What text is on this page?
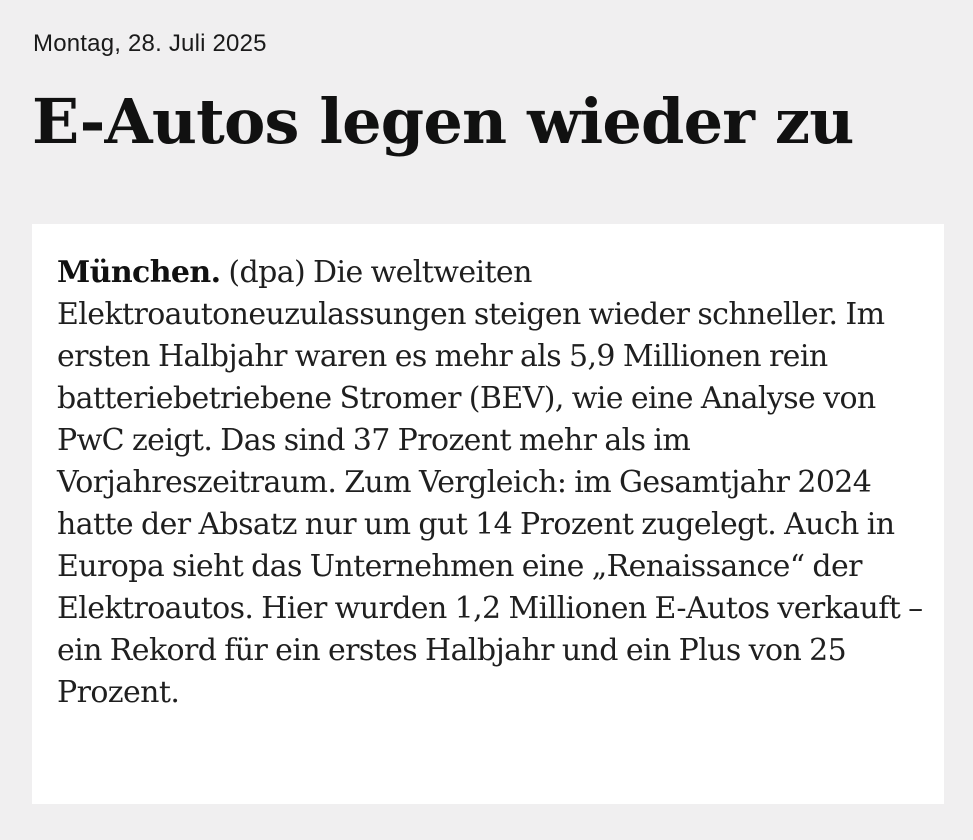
Montag, 28. Juli 2025
E-Autos legen wieder zu

München. (dpa) Die weltweiten Elektroautoneuzulassungen steigen wieder schneller. Im ersten Halbjahr waren es mehr als 5,9 Millionen rein batteriebetriebene Stromer (BEV), wie eine Analyse von PwC zeigt. Das sind 37 Prozent mehr als im Vorjahreszeitraum. Zum Vergleich: im Gesamtjahr 2024 hatte der Absatz nur um gut 14 Prozent zugelegt. Auch in Europa sieht das Unternehmen eine „Renaissance“ der Elektroautos. Hier wurden 1,2 Millionen E-Autos verkauft – ein Rekord für ein erstes Halbjahr und ein Plus von 25 Prozent.
